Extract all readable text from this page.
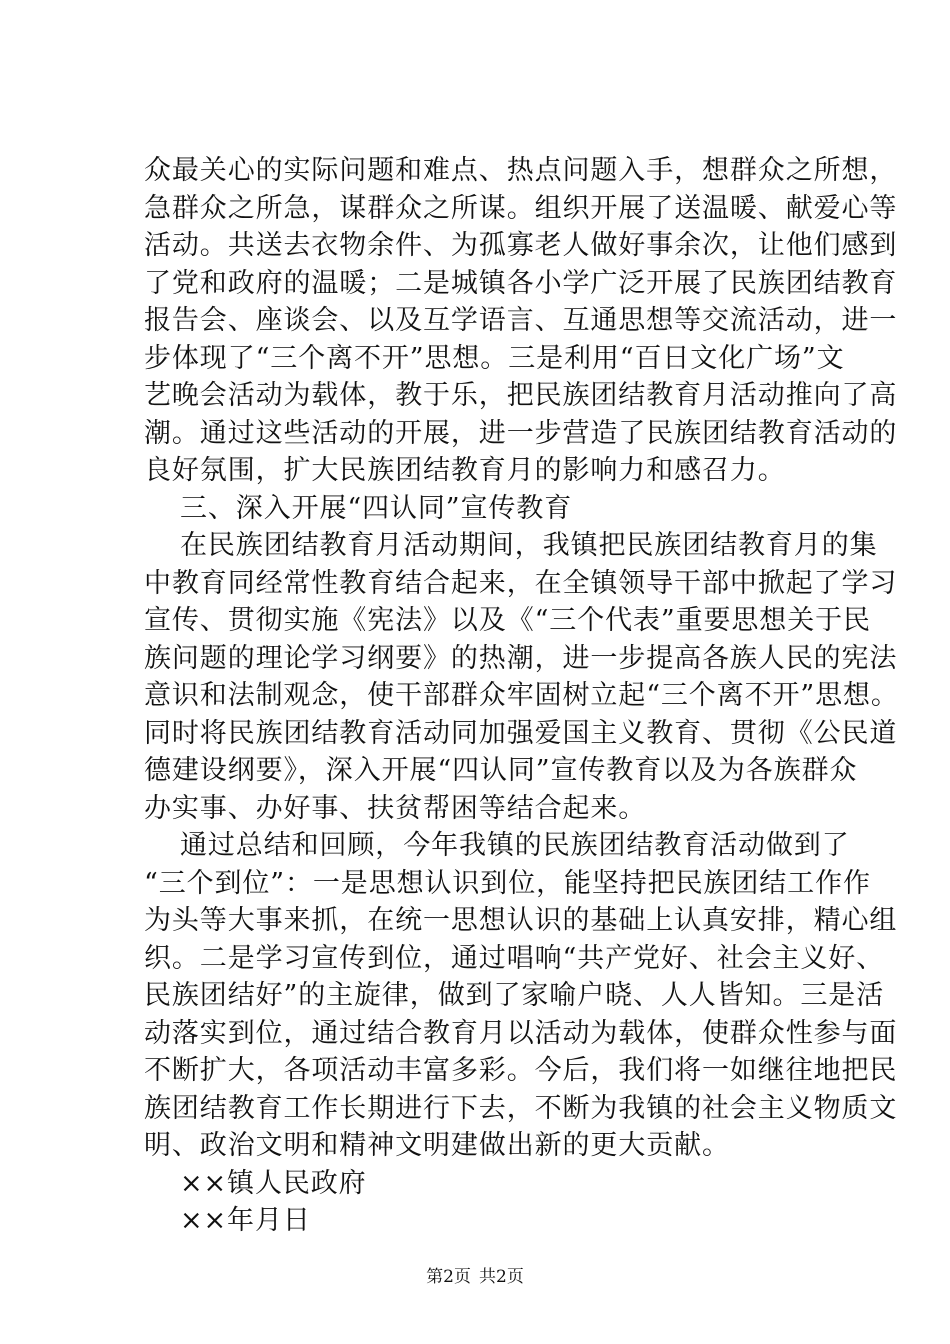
众最关心的实际问题和难点、热点问题入手，想群众之所想，
急群众之所急，谋群众之所谋。组织开展了送温暖、献爱心等
活动。共送去衣物余件、为孤寡老人做好事余次，让他们感到
了党和政府的温暖；二是城镇各小学广泛开展了民族团结教育
报告会、座谈会、以及互学语言、互通思想等交流活动，进一
步体现了“三个离不开”思想。三是利用“百日文化广场”文
艺晚会活动为载体，教于乐，把民族团结教育月活动推向了高
潮。通过这些活动的开展，进一步营造了民族团结教育活动的
良好氛围，扩大民族团结教育月的影响力和感召力。
三、深入开展“四认同”宣传教育
在民族团结教育月活动期间，我镇把民族团结教育月的集
中教育同经常性教育结合起来，在全镇领导干部中掀起了学习
宣传、贯彻实施《宪法》以及《“三个代表”重要思想关于民
族问题的理论学习纲要》的热潮，进一步提高各族人民的宪法
意识和法制观念，使干部群众牢固树立起“三个离不开”思想。
同时将民族团结教育活动同加强爱国主义教育、贯彻《公民道
德建设纲要》，深入开展“四认同”宣传教育以及为各族群众
办实事、办好事、扶贫帮困等结合起来。
通过总结和回顾，今年我镇的民族团结教育活动做到了
“三个到位”：一是思想认识到位，能坚持把民族团结工作作
为头等大事来抓，在统一思想认识的基础上认真安排，精心组
织。二是学习宣传到位，通过唱响“共产党好、社会主义好、
民族团结好”的主旋律，做到了家喻户晓、人人皆知。三是活
动落实到位，通过结合教育月以活动为载体，使群众性参与面
不断扩大，各项活动丰富多彩。今后，我们将一如继往地把民
族团结教育工作长期进行下去，不断为我镇的社会主义物质文
明、政治文明和精神文明建做出新的更大贡献。
××镇人民政府
××年月日
第2页 共2页
